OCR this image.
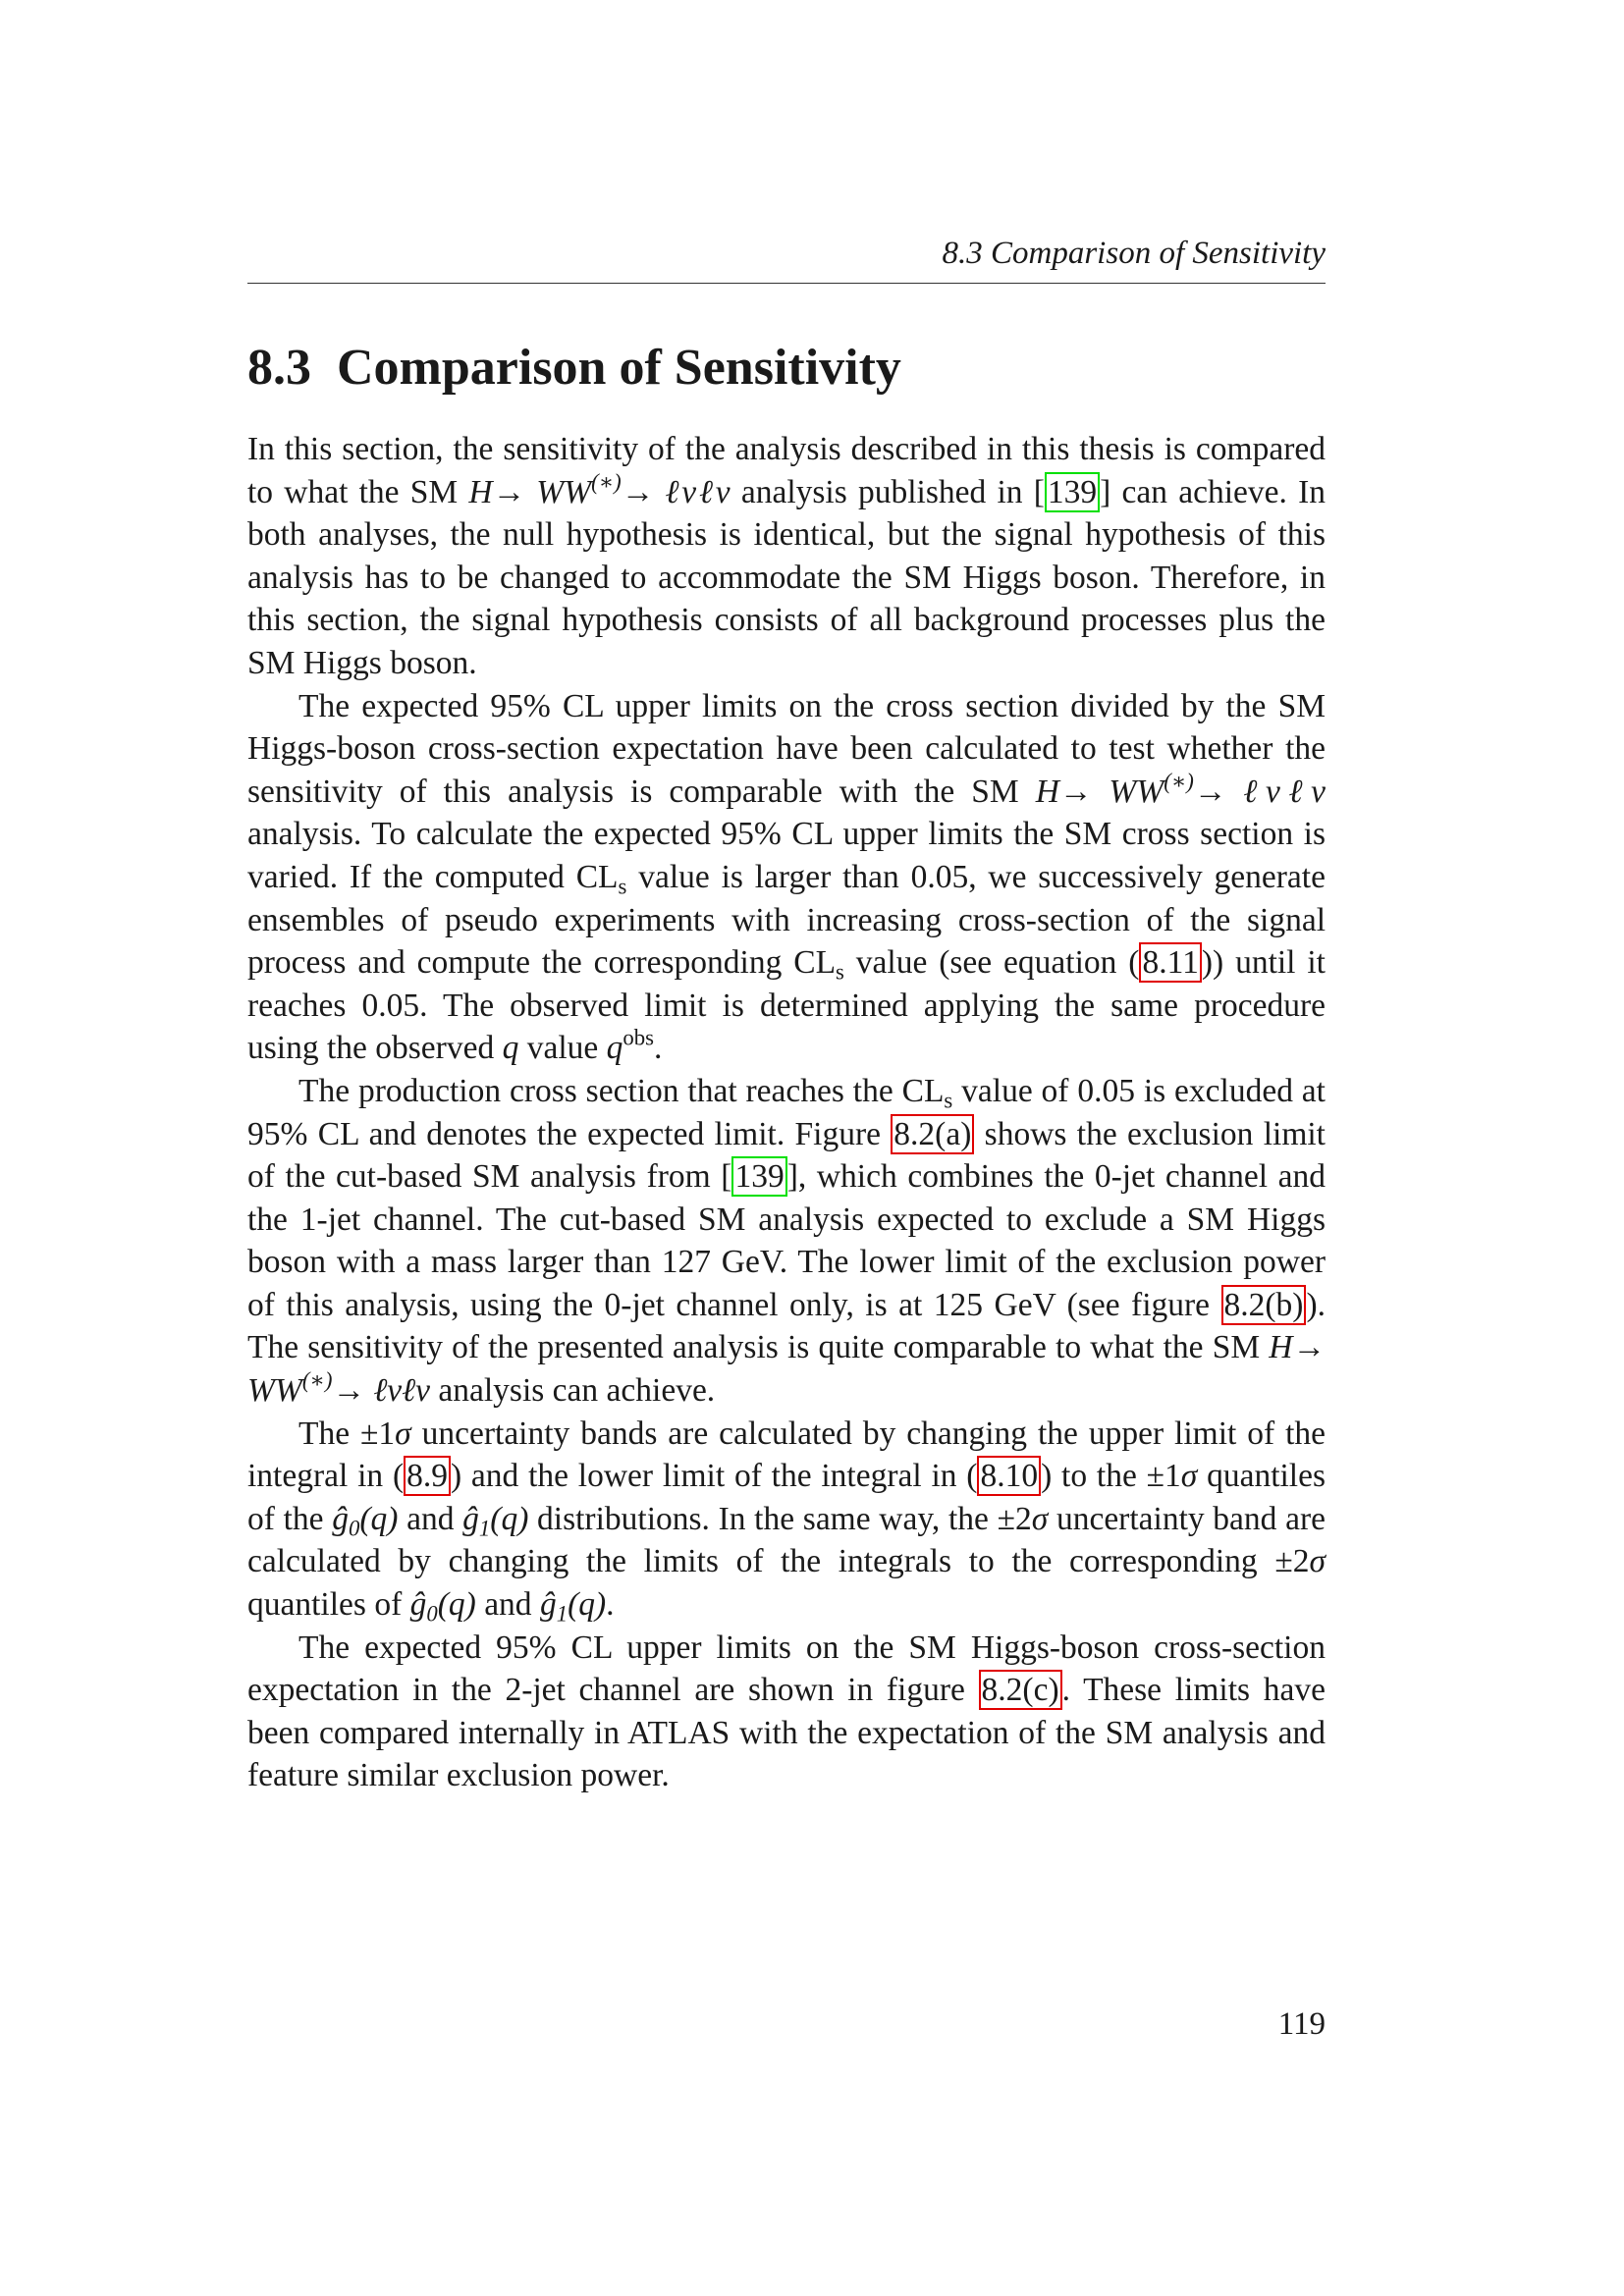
8.3 Comparison of Sensitivity
8.3 Comparison of Sensitivity

In this section, the sensitivity of the analysis described in this thesis is compared to what the SM H→ WW(∗)→ ℓνℓν analysis published in [139] can achieve. In both analyses, the null hypothesis is identical, but the signal hypothesis of this analysis has to be changed to accommodate the SM Higgs boson. Therefore, in this section, the signal hypothesis consists of all background processes plus the SM Higgs boson.

The expected 95% CL upper limits on the cross section divided by the SM Higgs-boson cross-section expectation have been calculated to test whether the sensitivity of this analysis is comparable with the SM H→ WW(∗)→ ℓνℓν analysis. To calculate the expected 95% CL upper limits the SM cross section is varied. If the computed $CL_s$ value is larger than 0.05, we successively generate ensembles of pseudo experiments with increasing cross-section of the signal process and compute the corresponding $CL_s$ value (see equation (8.11)) until it reaches 0.05. The observed limit is determined applying the same procedure using the observed q value $q^{obs}$.

The production cross section that reaches the $CL_s$ value of 0.05 is excluded at 95% CL and denotes the expected limit. Figure 8.2(a) shows the exclusion limit of the cut-based SM analysis from [139], which combines the 0-jet channel and the 1-jet channel. The cut-based SM analysis expected to exclude a SM Higgs boson with a mass larger than 127 GeV. The lower limit of the exclusion power of this analysis, using the 0-jet channel only, is at 125 GeV (see figure 8.2(b)). The sensitivity of the presented analysis is quite comparable to what the SM H→ WW(∗)→ ℓνℓν analysis can achieve.

The ±1σ uncertainty bands are calculated by changing the upper limit of the integral in (8.9) and the lower limit of the integral in (8.10) to the ±1σ quantiles of the $ĝ_0(q)$ and $ĝ_1(q)$ distributions. In the same way, the ±2σ uncertainty band are calculated by changing the limits of the integrals to the corresponding ±2σ quantiles of $ĝ_0(q)$ and $ĝ_1(q)$.

The expected 95% CL upper limits on the SM Higgs-boson cross-section expectation in the 2-jet channel are shown in figure 8.2(c). These limits have been compared internally in ATLAS with the expectation of the SM analysis and feature similar exclusion power.

119
